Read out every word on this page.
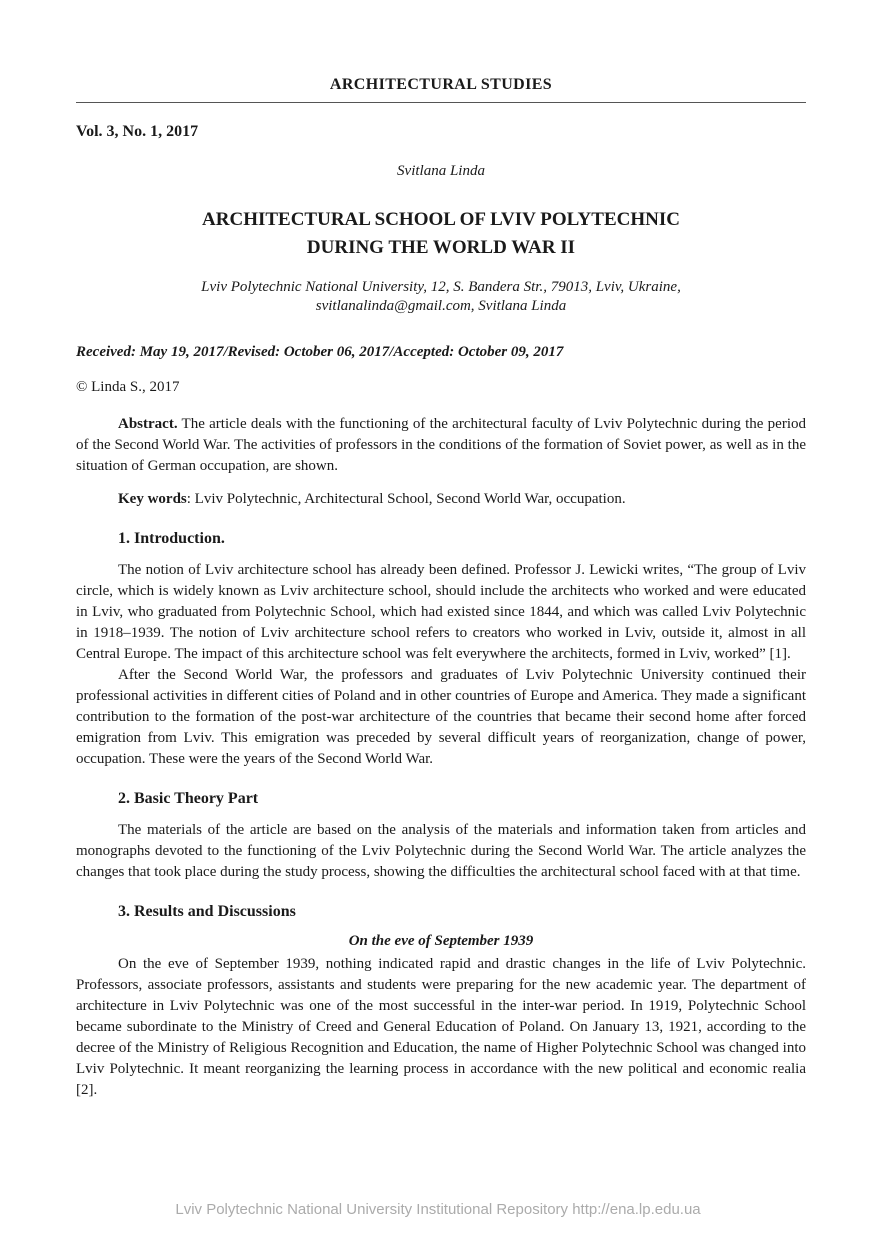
ARCHITECTURAL STUDIES
Vol. 3, No. 1, 2017
Svitlana Linda
ARCHITECTURAL SCHOOL OF LVIV POLYTECHNIC
DURING THE WORLD WAR II
Lviv Polytechnic National University, 12, S. Bandera Str., 79013, Lviv, Ukraine,
svitlanalinda@gmail.com, Svitlana Linda
Received: May 19, 2017/Revised: October 06, 2017/Accepted: October 09, 2017
© Linda S., 2017

Abstract. The article deals with the functioning of the architectural faculty of Lviv Polytechnic during the period of the Second World War. The activities of professors in the conditions of the formation of Soviet power, as well as in the situation of German occupation, are shown.

Key words: Lviv Polytechnic, Architectural School, Second World War, occupation.

1. Introduction.

The notion of Lviv architecture school has already been defined. Professor J. Lewicki writes, “The group of Lviv circle, which is widely known as Lviv architecture school, should include the architects who worked and were educated in Lviv, who graduated from Polytechnic School, which had existed since 1844, and which was called Lviv Polytechnic in 1918–1939. The notion of Lviv architecture school refers to creators who worked in Lviv, outside it, almost in all Central Europe. The impact of this architecture school was felt everywhere the architects, formed in Lviv, worked” [1].

After the Second World War, the professors and graduates of Lviv Polytechnic University continued their professional activities in different cities of Poland and in other countries of Europe and America. They made a significant contribution to the formation of the post-war architecture of the countries that became their second home after forced emigration from Lviv. This emigration was preceded by several difficult years of reorganization, change of power, occupation. These were the years of the Second World War.

2. Basic Theory Part

The materials of the article are based on the analysis of the materials and information taken from articles and monographs devoted to the functioning of the Lviv Polytechnic during the Second World War. The article analyzes the changes that took place during the study process, showing the difficulties the architectural school faced with at that time.

3. Results and Discussions
On the eve of September 1939

On the eve of September 1939, nothing indicated rapid and drastic changes in the life of Lviv Polytechnic. Professors, associate professors, assistants and students were preparing for the new academic year. The department of architecture in Lviv Polytechnic was one of the most successful in the inter-war period. In 1919, Polytechnic School became subordinate to the Ministry of Creed and General Education of Poland. On January 13, 1921, according to the decree of the Ministry of Religious Recognition and Education, the name of Higher Polytechnic School was changed into Lviv Polytechnic. It meant reorganizing the learning process in accordance with the new political and economic realia [2].

Lviv Polytechnic National University Institutional Repository http://ena.lp.edu.ua
